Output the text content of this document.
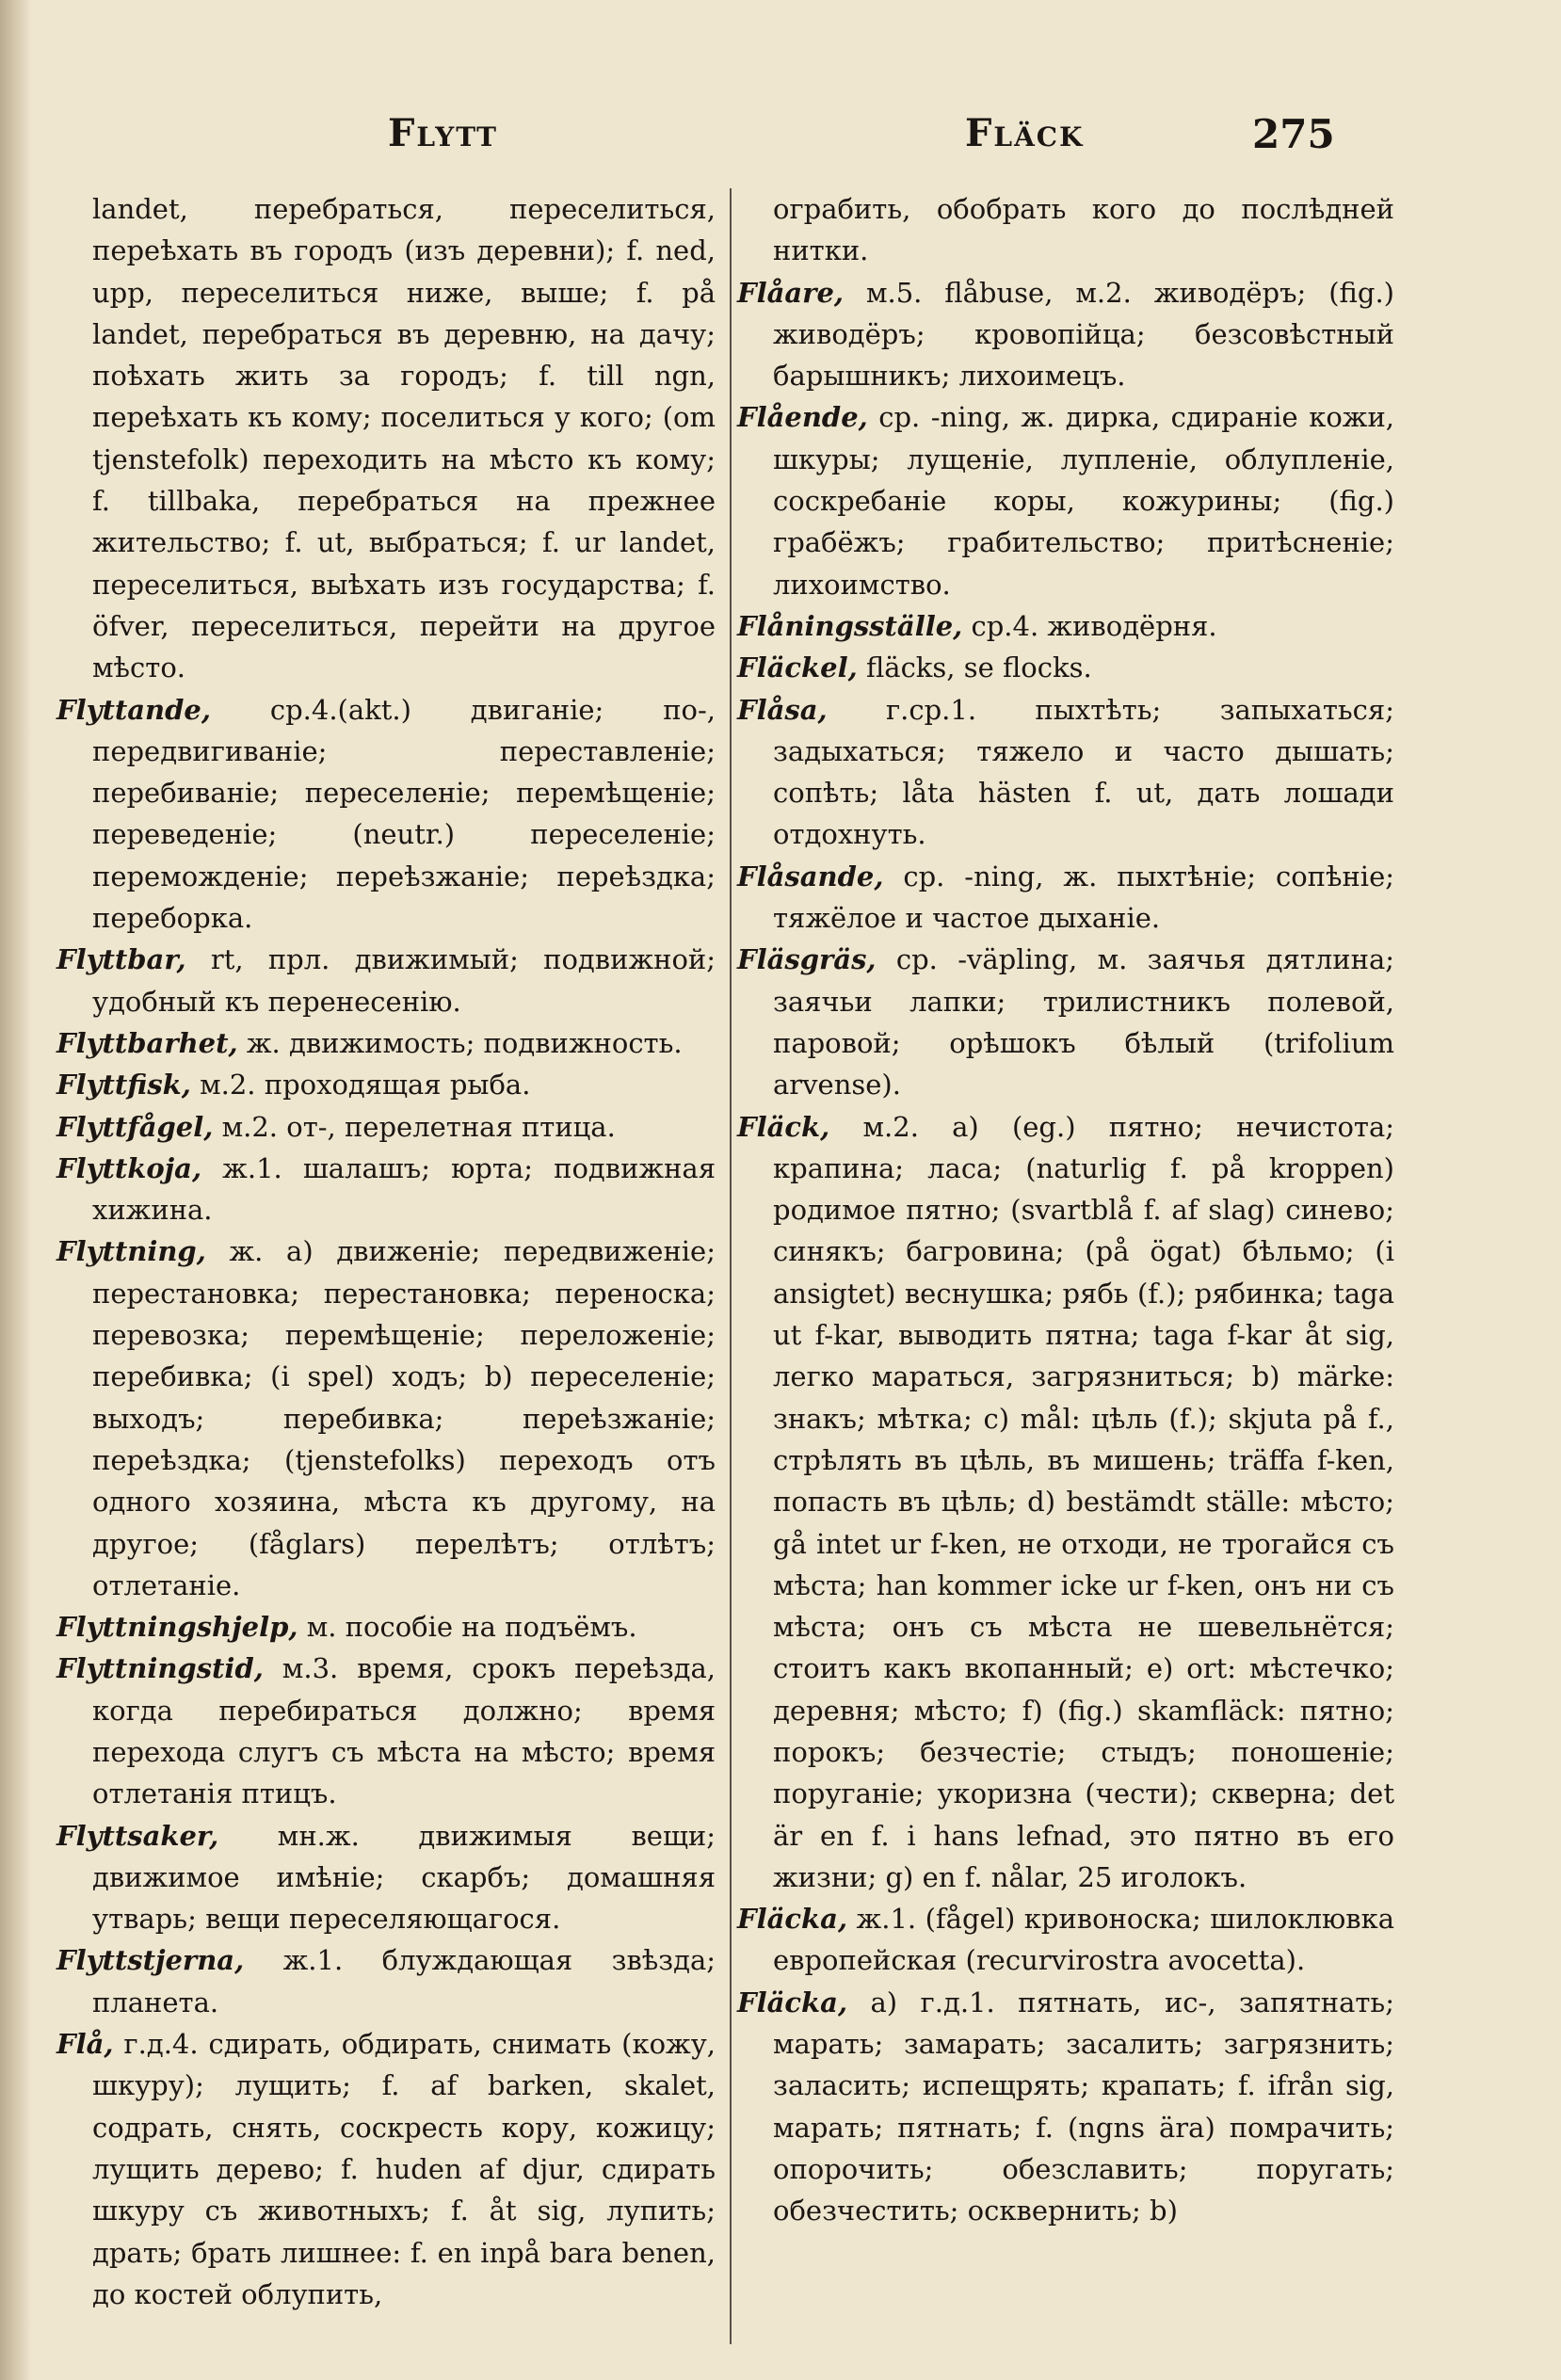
Flytt	Fläck	275

landet, перебраться, переселиться, переѣхать въ городъ (изъ деревни); f. ned, upp, переселиться ниже, выше; f. på landet, перебраться въ деревню, на дачу; поѣхать жить за городъ; f. till ngn, переѣхать къ кому; поселиться у кого; (om tjenstefolk) переходить на мѣсто къ кому; f. tillbaka, перебраться на прежнее жительство; f. ut, выбраться; f. ur landet, переселиться, выѣхать изъ государства; f. öfver, переселиться, перейти на другое мѣсто.

Flyttande, ср.4.(akt.) двиганіе; по-, передвигиваніе; переставленіе; перебиваніе; переселеніе; перемѣщеніе; переведеніе; (neutr.) переселеніе; переможденіе; переѣзжаніе; переѣздка; переборка.

Flyttbar, rt, прл. движимый; подвижной; удобный къ перенесенію.

Flyttbarhet, ж. движимость; подвижность.

Flyttfisk, м.2. проходящая рыба.

Flyttfågel, м.2. от-, перелетная птица.

Flyttkoja, ж.1. шалашъ; юрта; подвижная хижина.

Flyttning, ж. a) движеніе; передвиженіе; перестановка; перестановка; переноска; перевозка; перемѣщеніе; переложеніе; перебивка; (i spel) ходъ; b) переселеніе; выходъ; перебивка; переѣзжаніе; переѣздка; (tjenstefolks) переходъ отъ одного хозяина, мѣста къ другому, на другое; (fåglars) перелѣтъ; отлѣтъ; отлетаніе.

Flyttningshjelp, м. пособіе на подъёмъ.

Flyttningstid, м.3. время, срокъ переѣзда, когда перебираться должно; время перехода слугъ съ мѣста на мѣсто; время отлетанія птицъ.

Flyttsaker, мн.ж. движимыя вещи; движимое имѣніе; скарбъ; домашняя утварь; вещи переселяющагося.

Flyttstjerna, ж.1. блуждающая звѣзда; планета.

Flå, г.д.4. сдирать, обдирать, снимать (кожу, шкуру); лущить; f. af barken, skalet, содрать, снять, соскресть кору, кожицу; лущить дерево; f. huden af djur, сдирать шкуру съ животныхъ; f. åt sig, лупить; драть; брать лишнее: f. en inpå bara benen, до костей облупить,

ограбить, обобрать кого до послѣдней нитки.

Flåare, м.5. flåbuse, м.2. живодёръ; (fig.) живодёръ; кровопійца; безсовѣстный барышникъ; лихоимецъ.

Flående, ср. -ning, ж. дирка, сдираніе кожи, шкуры; лущеніе, лупленіе, облупленіе, соскребаніе коры, кожурины; (fig.) грабёжъ; грабительство; притѣсненіе; лихоимство.

Flåningsställe, ср.4. живодёрня.

Fläckel, fläcks, se flocks.

Flåsa, г.ср.1. пыхтѣть; запыхаться; задыхаться; тяжело и часто дышать; сопѣть; låta hästen f. ut, дать лошади отдохнуть.

Flåsande, ср. -ning, ж. пыхтѣніе; сопѣніе; тяжёлое и частое дыханіе.

Fläsgräs, ср. -väpling, м. заячья дятлина; заячьи лапки; трилистникъ полевой, паровой; орѣшокъ бѣлый (trifolium arvense).

Fläck, м.2. a) (eg.) пятно; нечистота; крапина; ласа; (naturlig f. på kroppen) родимое пятно; (svartblå f. af slag) синево; синякъ; багровина; (på ögat) бѣльмо; (i ansigtet) веснушка; рябь (f.); рябинка; taga ut f-kar, выводить пятна; taga f-kar åt sig, легко мараться, загрязниться; b) märke: знакъ; мѣтка; c) mål: цѣль (f.); skjuta på f., стрѣлять въ цѣль, въ мишень; träffa f-ken, попасть въ цѣль; d) bestämdt ställe: мѣсто; gå intet ur f-ken, не отходи, не трогайся съ мѣста; han kommer icke ur f-ken, онъ ни съ мѣста; онъ съ мѣста не шевельнётся; стоитъ какъ вкопанный; e) ort: мѣстечко; деревня; мѣсто; f) (fig.) skamfläck: пятно; порокъ; безчестіе; стыдъ; поношеніе; поруганіе; укоризна (чести); скверна; det är en f. i hans lefnad, это пятно въ его жизни; g) en f. nålar, 25 иголокъ.

Fläcka, ж.1. (fågel) кривоноска; шилоклювка европейская (recurvirostra avocetta).

Fläcka, a) г.д.1. пятнать, ис-, запятнать; марать; замарать; засалить; загрязнить; заласить; испещрять; крапать; f. ifrån sig, марать; пятнать; f. (ngns ära) помрачить; опорочить; обезславить; поругать; обезчестить; осквернить; b)
